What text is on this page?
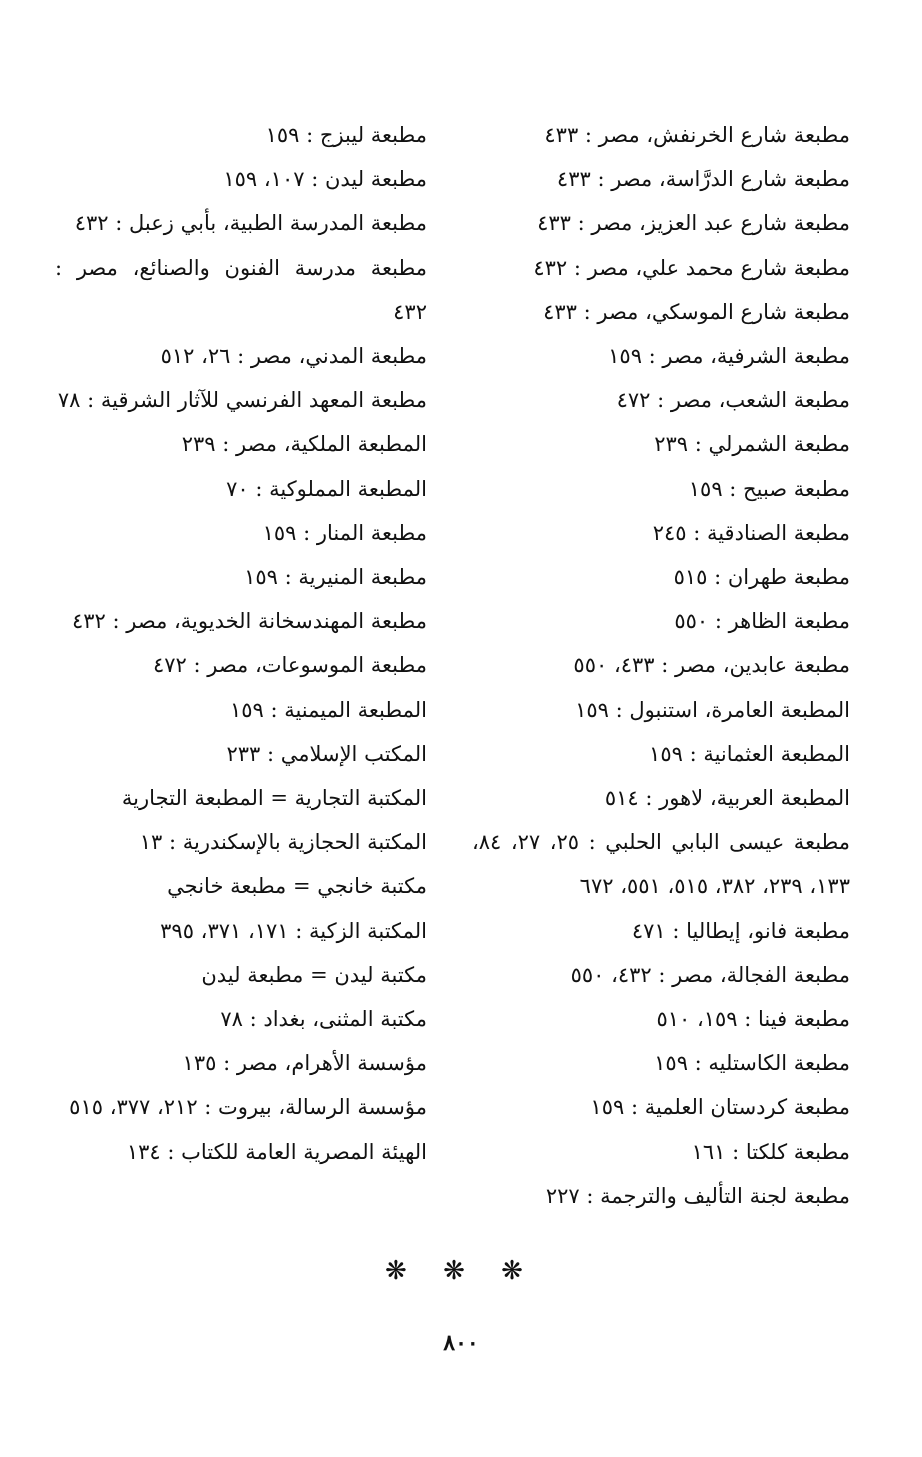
مطبعة شارع الخرنفش، مصر : ٤٣٣
مطبعة شارع الدرَّاسة، مصر : ٤٣٣
مطبعة شارع عبد العزيز، مصر : ٤٣٣
مطبعة شارع محمد علي، مصر : ٤٣٢
مطبعة شارع الموسكي، مصر : ٤٣٣
مطبعة الشرفية، مصر : ١٥٩
مطبعة الشعب، مصر : ٤٧٢
مطبعة الشمرلي : ٢٣٩
مطبعة صبيح : ١٥٩
مطبعة الصنادقية : ٢٤٥
مطبعة طهران : ٥١٥
مطبعة الظاهر : ٥٥٠
مطبعة عابدين، مصر : ٤٣٣، ٥٥٠
المطبعة العامرة، استنبول : ١٥٩
المطبعة العثمانية : ١٥٩
المطبعة العربية، لاهور : ٥١٤
مطبعة عيسى البابي الحلبي : ٢٥، ٢٧، ٨٤، ١٣٣، ٢٣٩، ٣٨٢، ٥١٥، ٥٥١، ٦٧٢
مطبعة فانو، إيطاليا : ٤٧١
مطبعة الفجالة، مصر : ٤٣٢، ٥٥٠
مطبعة فينا : ١٥٩، ٥١٠
مطبعة الكاستليه : ١٥٩
مطبعة كردستان العلمية : ١٥٩
مطبعة كلكتا : ١٦١
مطبعة لجنة التأليف والترجمة : ٢٢٧
مطبعة ليبزج : ١٥٩
مطبعة ليدن : ١٠٧، ١٥٩
مطبعة المدرسة الطبية، بأبي زعبل : ٤٣٢
مطبعة مدرسة الفنون والصنائع، مصر : ٤٣٢
مطبعة المدني، مصر : ٢٦، ٥١٢
مطبعة المعهد الفرنسي للآثار الشرقية : ٧٨
المطبعة الملكية، مصر : ٢٣٩
المطبعة المملوكية : ٧٠
مطبعة المنار : ١٥٩
مطبعة المنيرية : ١٥٩
مطبعة المهندسخانة الخديوية، مصر : ٤٣٢
مطبعة الموسوعات، مصر : ٤٧٢
المطبعة الميمنية : ١٥٩
المكتب الإسلامي : ٢٣٣
المكتبة التجارية = المطبعة التجارية
المكتبة الحجازية بالإسكندرية : ١٣
مكتبة خانجي = مطبعة خانجي
المكتبة الزكية : ١٧١، ٣٧١، ٣٩٥
مكتبة ليدن = مطبعة ليدن
مكتبة المثنى، بغداد : ٧٨
مؤسسة الأهرام، مصر : ١٣٥
مؤسسة الرسالة، بيروت : ٢١٢، ٣٧٧، ٥١٥
الهيئة المصرية العامة للكتاب : ١٣٤
❋ ❋ ❋
٨٠٠
